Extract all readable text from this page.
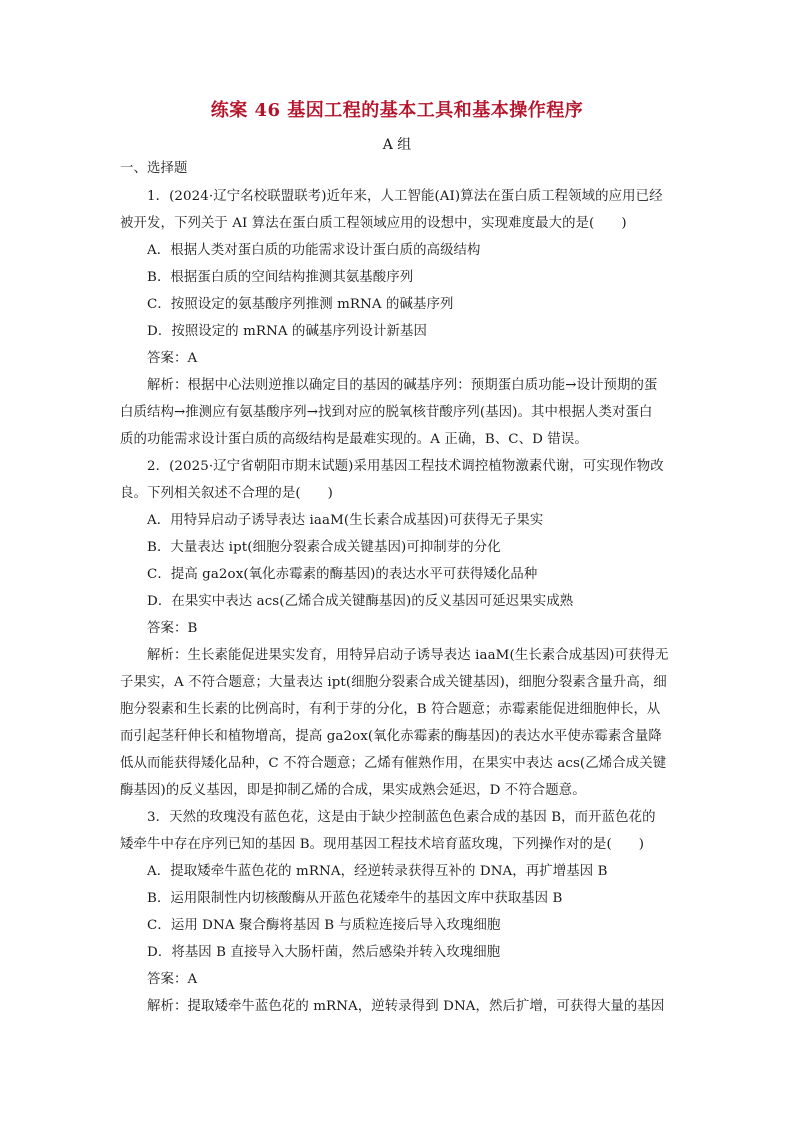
练案 46 基因工程的基本工具和基本操作程序
A 组
一、选择题
1．(2024·辽宁名校联盟联考)近年来，人工智能(AI)算法在蛋白质工程领域的应用已经
被开发，下列关于 AI 算法在蛋白质工程领域应用的设想中，实现难度最大的是(　　)
A．根据人类对蛋白质的功能需求设计蛋白质的高级结构
B．根据蛋白质的空间结构推测其氨基酸序列
C．按照设定的氨基酸序列推测 mRNA 的碱基序列
D．按照设定的 mRNA 的碱基序列设计新基因
答案：A
解析：根据中心法则逆推以确定目的基因的碱基序列：预期蛋白质功能→设计预期的蛋
白质结构→推测应有氨基酸序列→找到对应的脱氧核苷酸序列(基因)。其中根据人类对蛋白
质的功能需求设计蛋白质的高级结构是最难实现的。A 正确，B、C、D 错误。
2．(2025·辽宁省朝阳市期末试题)采用基因工程技术调控植物激素代谢，可实现作物改
良。下列相关叙述不合理的是(　　)
A．用特异启动子诱导表达 iaaM(生长素合成基因)可获得无子果实
B．大量表达 ipt(细胞分裂素合成关键基因)可抑制芽的分化
C．提高 ga2ox(氧化赤霉素的酶基因)的表达水平可获得矮化品种
D．在果实中表达 acs(乙烯合成关键酶基因)的反义基因可延迟果实成熟
答案：B
解析：生长素能促进果实发育，用特异启动子诱导表达 iaaM(生长素合成基因)可获得无
子果实，A 不符合题意；大量表达 ipt(细胞分裂素合成关键基因)，细胞分裂素含量升高，细
胞分裂素和生长素的比例高时，有利于芽的分化，B 符合题意；赤霉素能促进细胞伸长，从
而引起茎秆伸长和植物增高，提高 ga2ox(氧化赤霉素的酶基因)的表达水平使赤霉素含量降
低从而能获得矮化品种，C 不符合题意；乙烯有催熟作用，在果实中表达 acs(乙烯合成关键
酶基因)的反义基因，即是抑制乙烯的合成，果实成熟会延迟，D 不符合题意。
3．天然的玫瑰没有蓝色花，这是由于缺少控制蓝色色素合成的基因 B，而开蓝色花的
矮牵牛中存在序列已知的基因 B。现用基因工程技术培育蓝玫瑰，下列操作对的是(　　)
A．提取矮牵牛蓝色花的 mRNA，经逆转录获得互补的 DNA，再扩增基因 B
B．运用限制性内切核酸酶从开蓝色花矮牵牛的基因文库中获取基因 B
C．运用 DNA 聚合酶将基因 B 与质粒连接后导入玫瑰细胞
D．将基因 B 直接导入大肠杆菌，然后感染并转入玫瑰细胞
答案：A
解析：提取矮牵牛蓝色花的 mRNA，逆转录得到 DNA，然后扩增，可获得大量的基因
